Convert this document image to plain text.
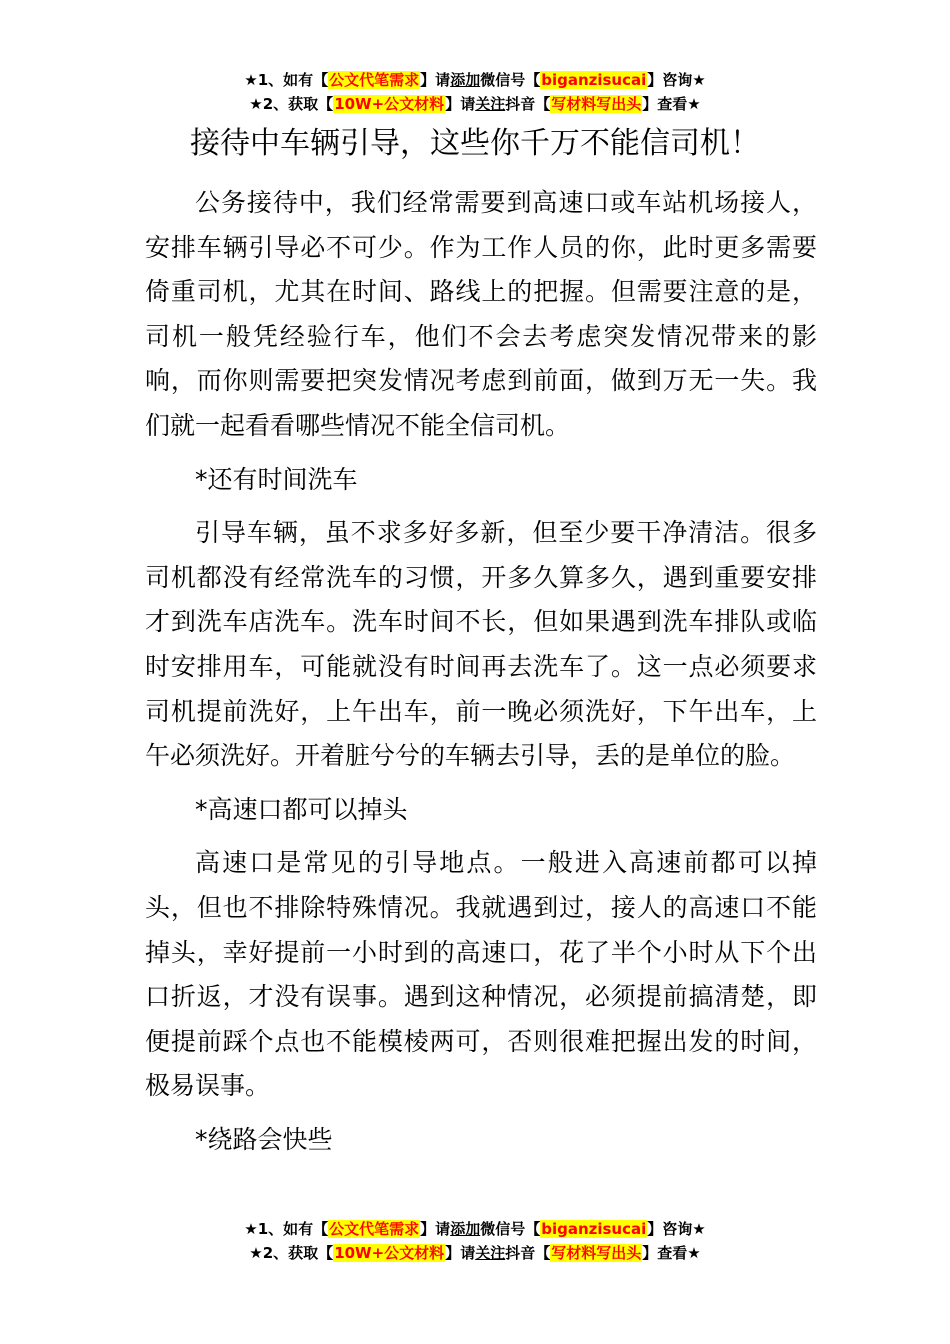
★1、如有【公文代笔需求】请添加微信号【biganzisucai】咨询★
★2、获取【10W+公文材料】请关注抖音【写材料写出头】查看★
接待中车辆引导，这些你千万不能信司机！

公务接待中，我们经常需要到高速口或车站机场接人，安排车辆引导必不可少。作为工作人员的你，此时更多需要倚重司机，尤其在时间、路线上的把握。但需要注意的是，司机一般凭经验行车，他们不会去考虑突发情况带来的影响，而你则需要把突发情况考虑到前面，做到万无一失。我们就一起看看哪些情况不能全信司机。

*还有时间洗车

引导车辆，虽不求多好多新，但至少要干净清洁。很多司机都没有经常洗车的习惯，开多久算多久，遇到重要安排才到洗车店洗车。洗车时间不长，但如果遇到洗车排队或临时安排用车，可能就没有时间再去洗车了。这一点必须要求司机提前洗好，上午出车，前一晚必须洗好，下午出车，上午必须洗好。开着脏兮兮的车辆去引导，丢的是单位的脸。

*高速口都可以掉头

高速口是常见的引导地点。一般进入高速前都可以掉头，但也不排除特殊情况。我就遇到过，接人的高速口不能掉头，幸好提前一小时到的高速口，花了半个小时从下个出口折返，才没有误事。遇到这种情况，必须提前搞清楚，即便提前踩个点也不能模棱两可，否则很难把握出发的时间，极易误事。

*绕路会快些

★1、如有【公文代笔需求】请添加微信号【biganzisucai】咨询★
★2、获取【10W+公文材料】请关注抖音【写材料写出头】查看★
